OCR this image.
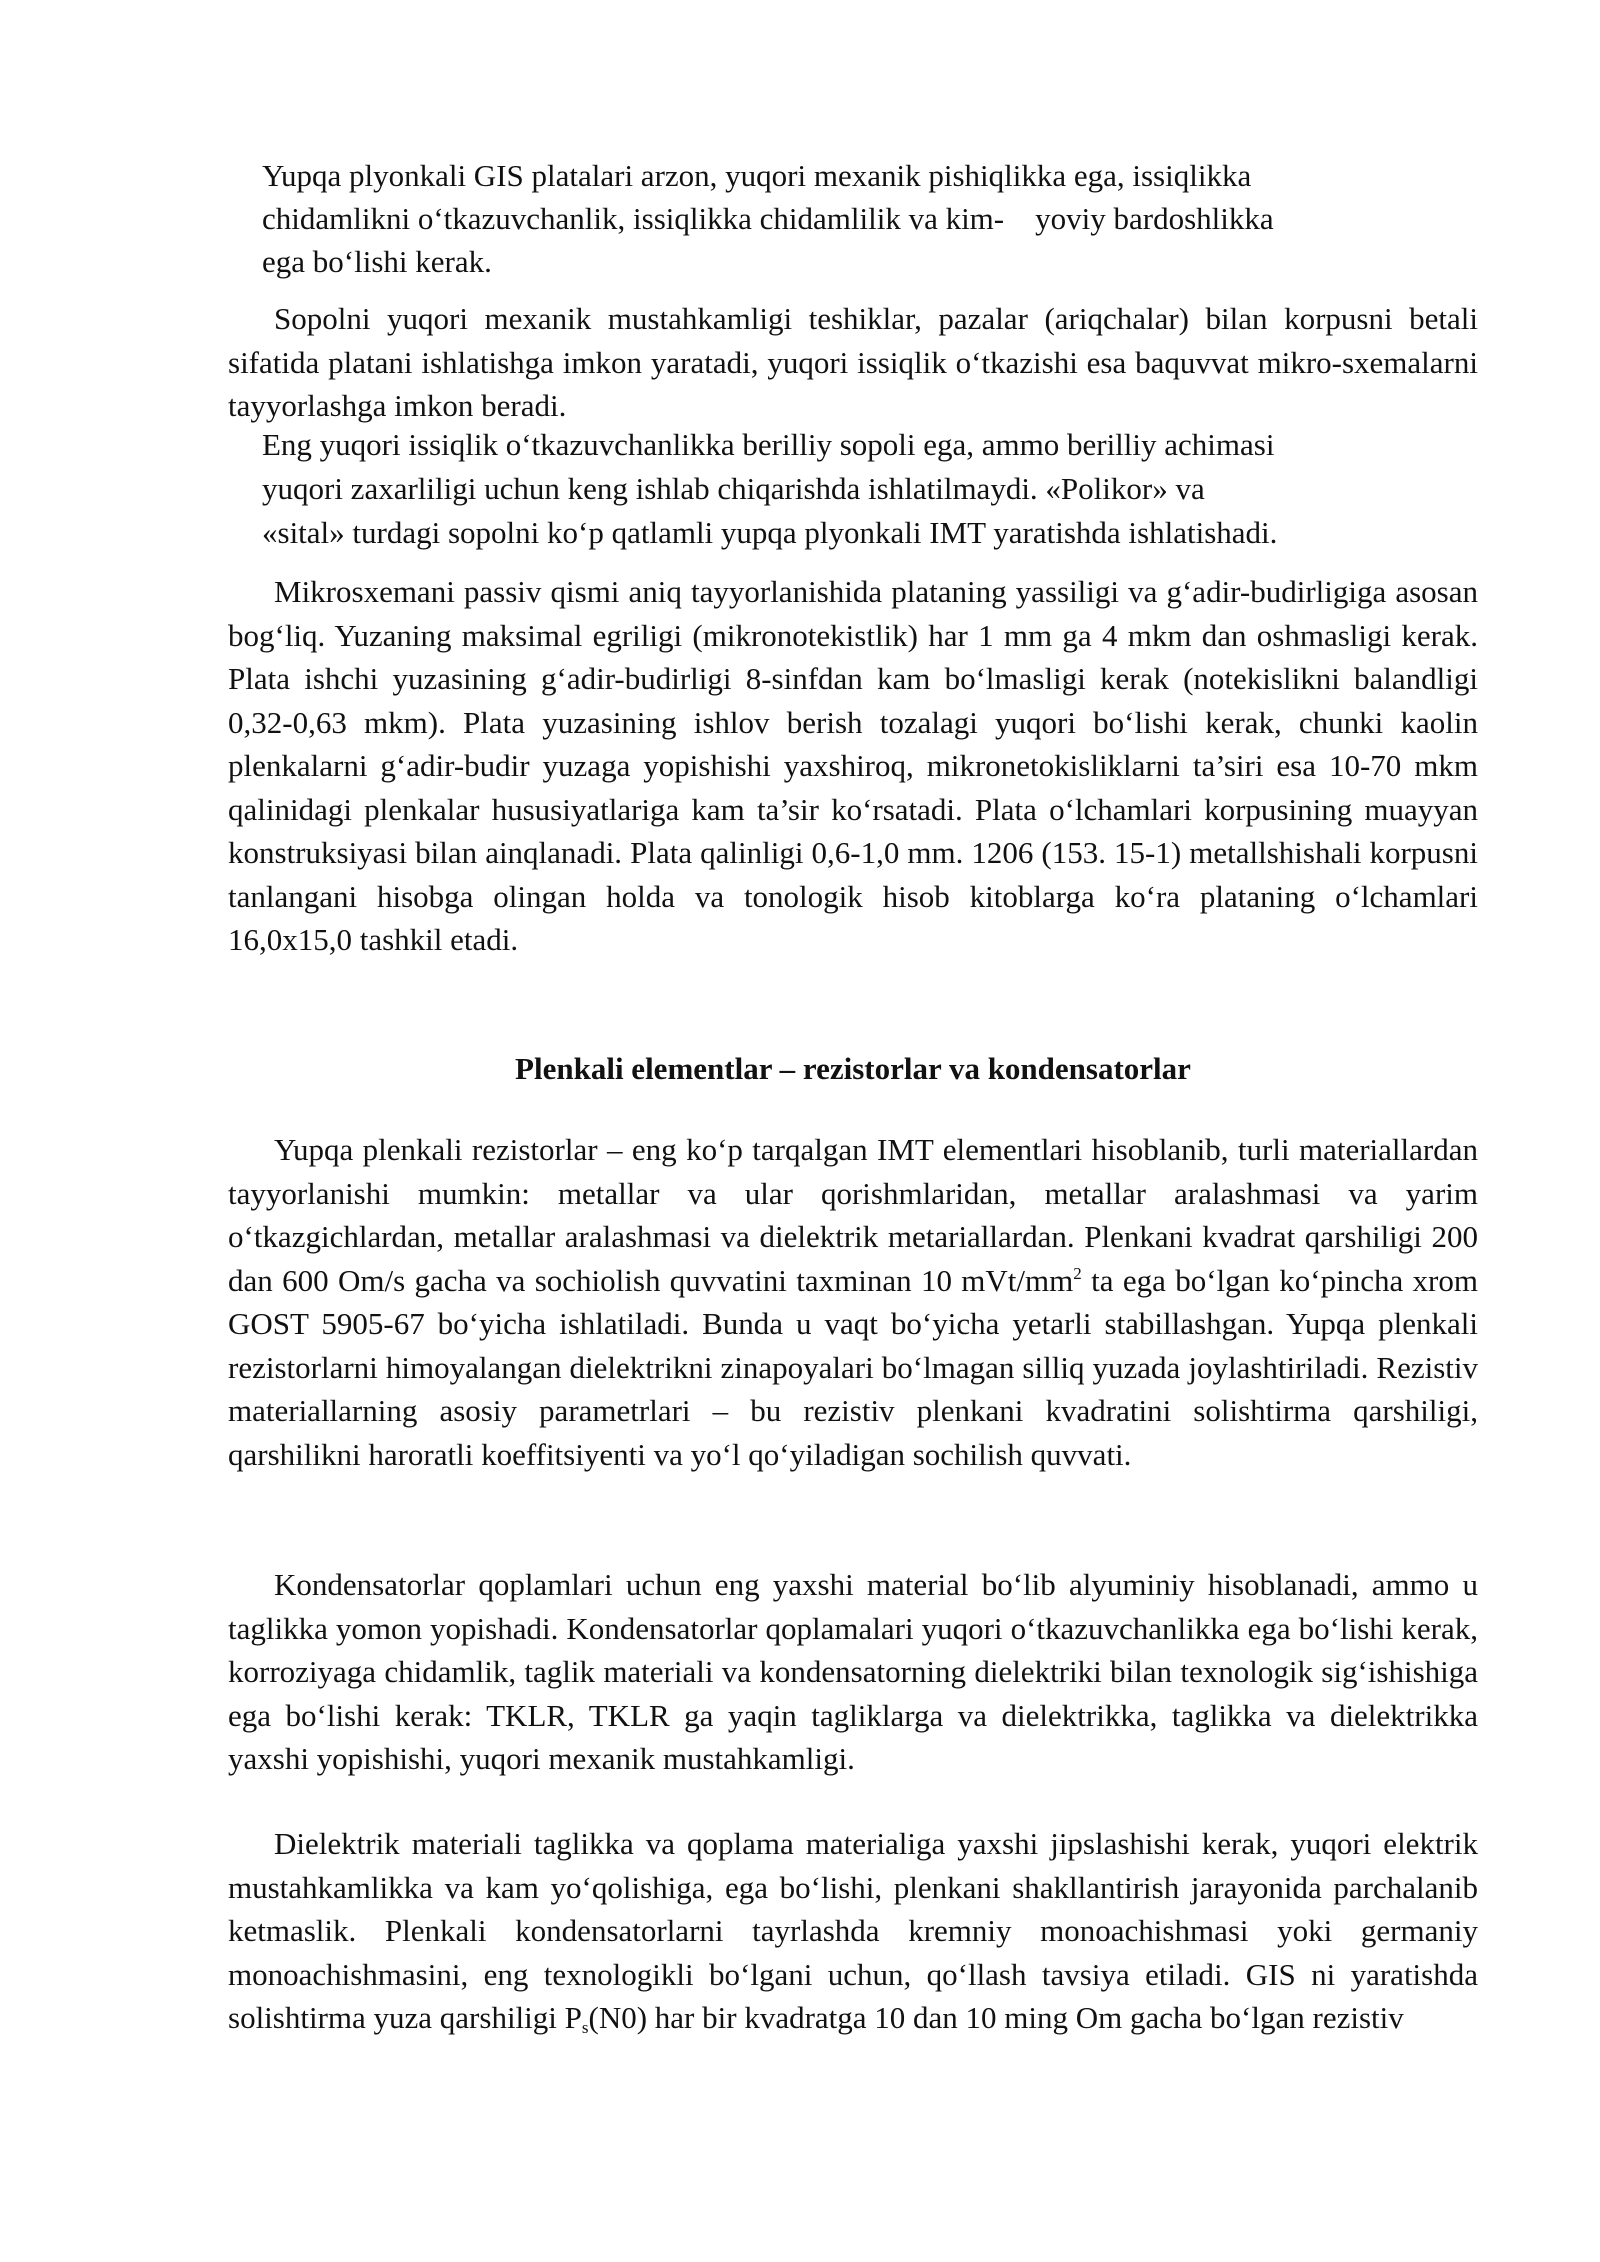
Yupqa plyonkali GIS platalari arzon, yuqori mexanik pishiqlikka ega, issiqlikka
chidamlikni o‘tkazuvchanlik, issiqlikka chidamlilik va kim-    yoviy bardoshlikka
ega bo‘lishi kerak.

Sopolni yuqori mexanik mustahkamligi teshiklar, pazalar (ariqchalar) bilan korpusni betali sifatida platani ishlatishga imkon yaratadi, yuqori issiqlik o‘tkazishi esa baquvvat mikro-sxemalarni tayyorlashga imkon beradi.

Eng yuqori issiqlik o‘tkazuvchanlikka berilliy sopoli ega, ammo berilliy achimasi
yuqori zaxarliligi uchun keng ishlab chiqarishda ishlatilmaydi. «Polikor» va
«sital» turdagi sopolni ko‘p qatlamli yupqa plyonkali IMT yaratishda ishlatishadi.

Mikrosxemani passiv qismi aniq tayyorlanishida plataning yassiligi va g‘adir-budirligiga asosan bog‘liq. Yuzaning maksimal egriligi (mikronotekistlik) har 1 mm ga 4 mkm dan oshmasligi kerak. Plata ishchi yuzasining g‘adir-budirligi 8-sinfdan kam bo‘lmasligi kerak (notekislikni balandligi 0,32-0,63 mkm). Plata yuzasining ishlov berish tozalagi yuqori bo‘lishi kerak, chunki kaolin plenkalarni g‘adir-budir yuzaga yopishishi yaxshiroq, mikronetokisliklarni ta’siri esa 10-70 mkm qalinidagi plenkalar hususiyatlariga kam ta’sir ko‘rsatadi. Plata o‘lchamlari korpusining muayyan konstruksiyasi bilan ainqlanadi. Plata qalinligi 0,6-1,0 mm. 1206 (153. 15-1) metallshishali korpusni tanlangani hisobga olingan holda va tonologik hisob kitoblarga ko‘ra plataning o‘lchamlari 16,0x15,0 tashkil etadi.

Plenkali elementlar – rezistorlar va kondensatorlar

Yupqa plenkali rezistorlar – eng ko‘p tarqalgan IMT elementlari hisoblanib, turli materiallardan tayyorlanishi mumkin: metallar va ular qorishmlaridan, metallar aralashmasi va yarim o‘tkazgichlardan, metallar aralashmasi va dielektrik metariallardan. Plenkani kvadrat qarshiligi 200 dan 600 Om/s gacha va sochiolish quvvatini taxminan 10 mVt/$mm^2$ ta ega bo‘lgan ko‘pincha xrom GOST 5905-67 bo‘yicha ishlatiladi. Bunda u vaqt bo‘yicha yetarli stabillashgan. Yupqa plenkali rezistorlarni himoyalangan dielektrikni zinapoyalari bo‘lmagan silliq yuzada joylashtiriladi. Rezistiv materiallarning asosiy parametrlari – bu rezistiv plenkani kvadratini solishtirma qarshiligi, qarshilikni haroratli koeffitsiyenti va yo‘l qo‘yiladigan sochilish quvvati.

Kondensatorlar qoplamlari uchun eng yaxshi material bo‘lib alyuminiy hisoblanadi, ammo u taglikka yomon yopishadi. Kondensatorlar qoplamalari yuqori o‘tkazuvchanlikka ega bo‘lishi kerak, korroziyaga chidamlik, taglik materiali va kondensatorning dielektriki bilan texnologik sig‘ishishiga ega bo‘lishi kerak: TKLR, TKLR ga yaqin tagliklarga va dielektrikka, taglikka va dielektrikka yaxshi yopishishi, yuqori mexanik mustahkamligi.

Dielektrik materiali taglikka va qoplama materialiga yaxshi jipslashishi kerak, yuqori elektrik mustahkamlikka va kam yo‘qolishiga, ega bo‘lishi, plenkani shakllantirish jarayonida parchalanib ketmaslik. Plenkali kondensatorlarni tayrlashda kremniy monoachishmasi yoki germaniy monoachishmasini, eng texnologikli bo‘lgani uchun, qo‘llash tavsiya etiladi. GIS ni yaratishda solishtirma yuza qarshiligi $P_s(N0)$ har bir kvadratga 10 dan 10 ming Om gacha bo‘lgan rezistiv
